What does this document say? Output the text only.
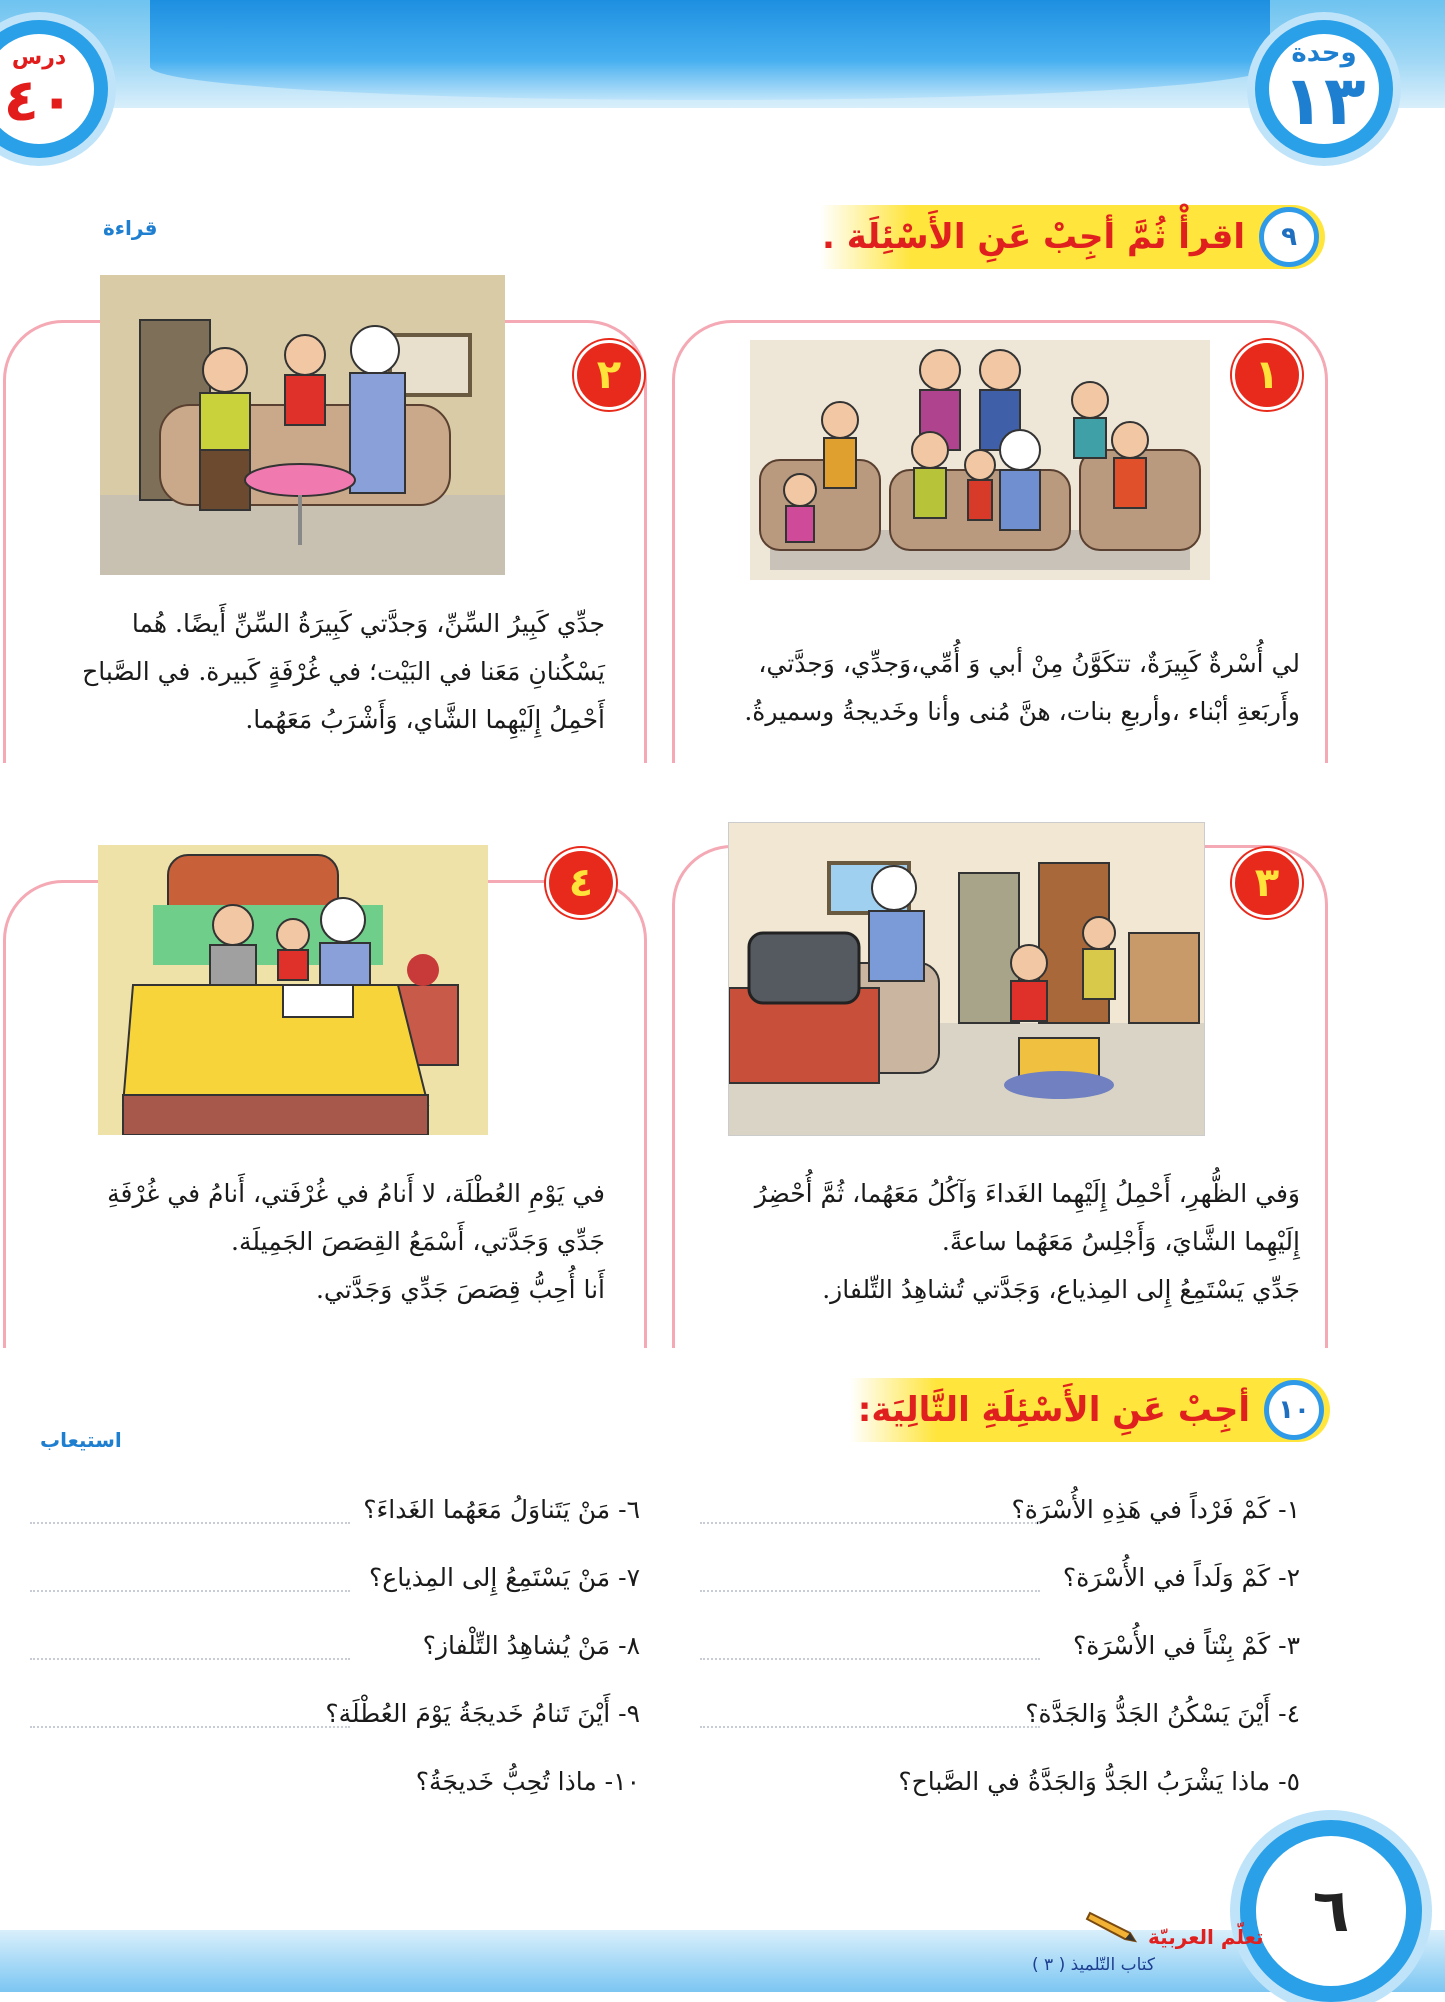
وحدة
١٣
درس
٤٠
٩
اقرأْ ثُمَّ أجِبْ عَنِ الأَسْئِلَة .
قراءة
١

لي أُسْرةٌ كَبِيرَةٌ، تتكَوَّنُ مِنْ أبي وَ أُمِّي،وَجدِّي، وَجدَّتي،

وأَربَعةِ أبْناء ،وأربعِ بنات، هنَّ مُنى وأنا وخَديجةُ وسميرةُ.

٢

جدِّي كَبِيرُ السِّنِّ، وَجدَّتي كَبِيرَةُ السِّنِّ أَيضًا. هُما

يَسْكُنانِ مَعَنا في البَيْت؛ في غُرْفَةٍ كَبيرة. في الصَّباح

أَحْمِلُ إِلَيْهِما الشَّاي، وَأَشْرَبُ مَعَهُما.

٣

وَفي الظُّهرِ، أَحْمِلُ إِلَيْهِما الغَداءَ وَآكُلُ مَعَهُما، ثُمَّ أُحْضِرُ

إِلَيْهِما الشَّايَ، وَأَجْلِسُ مَعَهُما ساعةً.

جَدِّي يَسْتَمِعُ إِلى المِذياع، وَجَدَّتي تُشاهِدُ التِّلفاز.

٤

في يَوْمِ العُطْلَة، لا أَنامُ في غُرْفَتي، أَنامُ في غُرْفَةِ

جَدِّي وَجَدَّتي، أَسْمَعُ القِصَصَ الجَمِيلَة.

أَنا أُحِبُّ قِصَصَ جَدِّي وَجَدَّتي.

١٠
أجِبْ عَنِ الأَسْئِلَةِ التَّالِيَة:
استيعاب
١- كَمْ فَرْداً في هَذِهِ الأُسْرَة؟
٢- كَمْ وَلَداً في الأُسْرَة؟
٣- كَمْ بِنْتاً في الأُسْرَة؟
٤- أَيْنَ يَسْكُنُ الجَدُّ وَالجَدَّة؟
٥- ماذا يَشْرَبُ الجَدُّ وَالجَدَّةُ في الصَّباح؟
٦- مَنْ يَتَناوَلُ مَعَهُما الغَداءَ؟
٧- مَنْ يَسْتَمِعُ إِلى المِذياع؟
٨- مَنْ يُشاهِدُ التِّلْفاز؟
٩- أَيْنَ تَنامُ خَديجَةُ يَوْمَ العُطْلَة؟
١٠- ماذا تُحِبُّ خَديجَةُ؟
٦
تعلّم العربيّة
كتاب التّلميذ ( ٣ )
